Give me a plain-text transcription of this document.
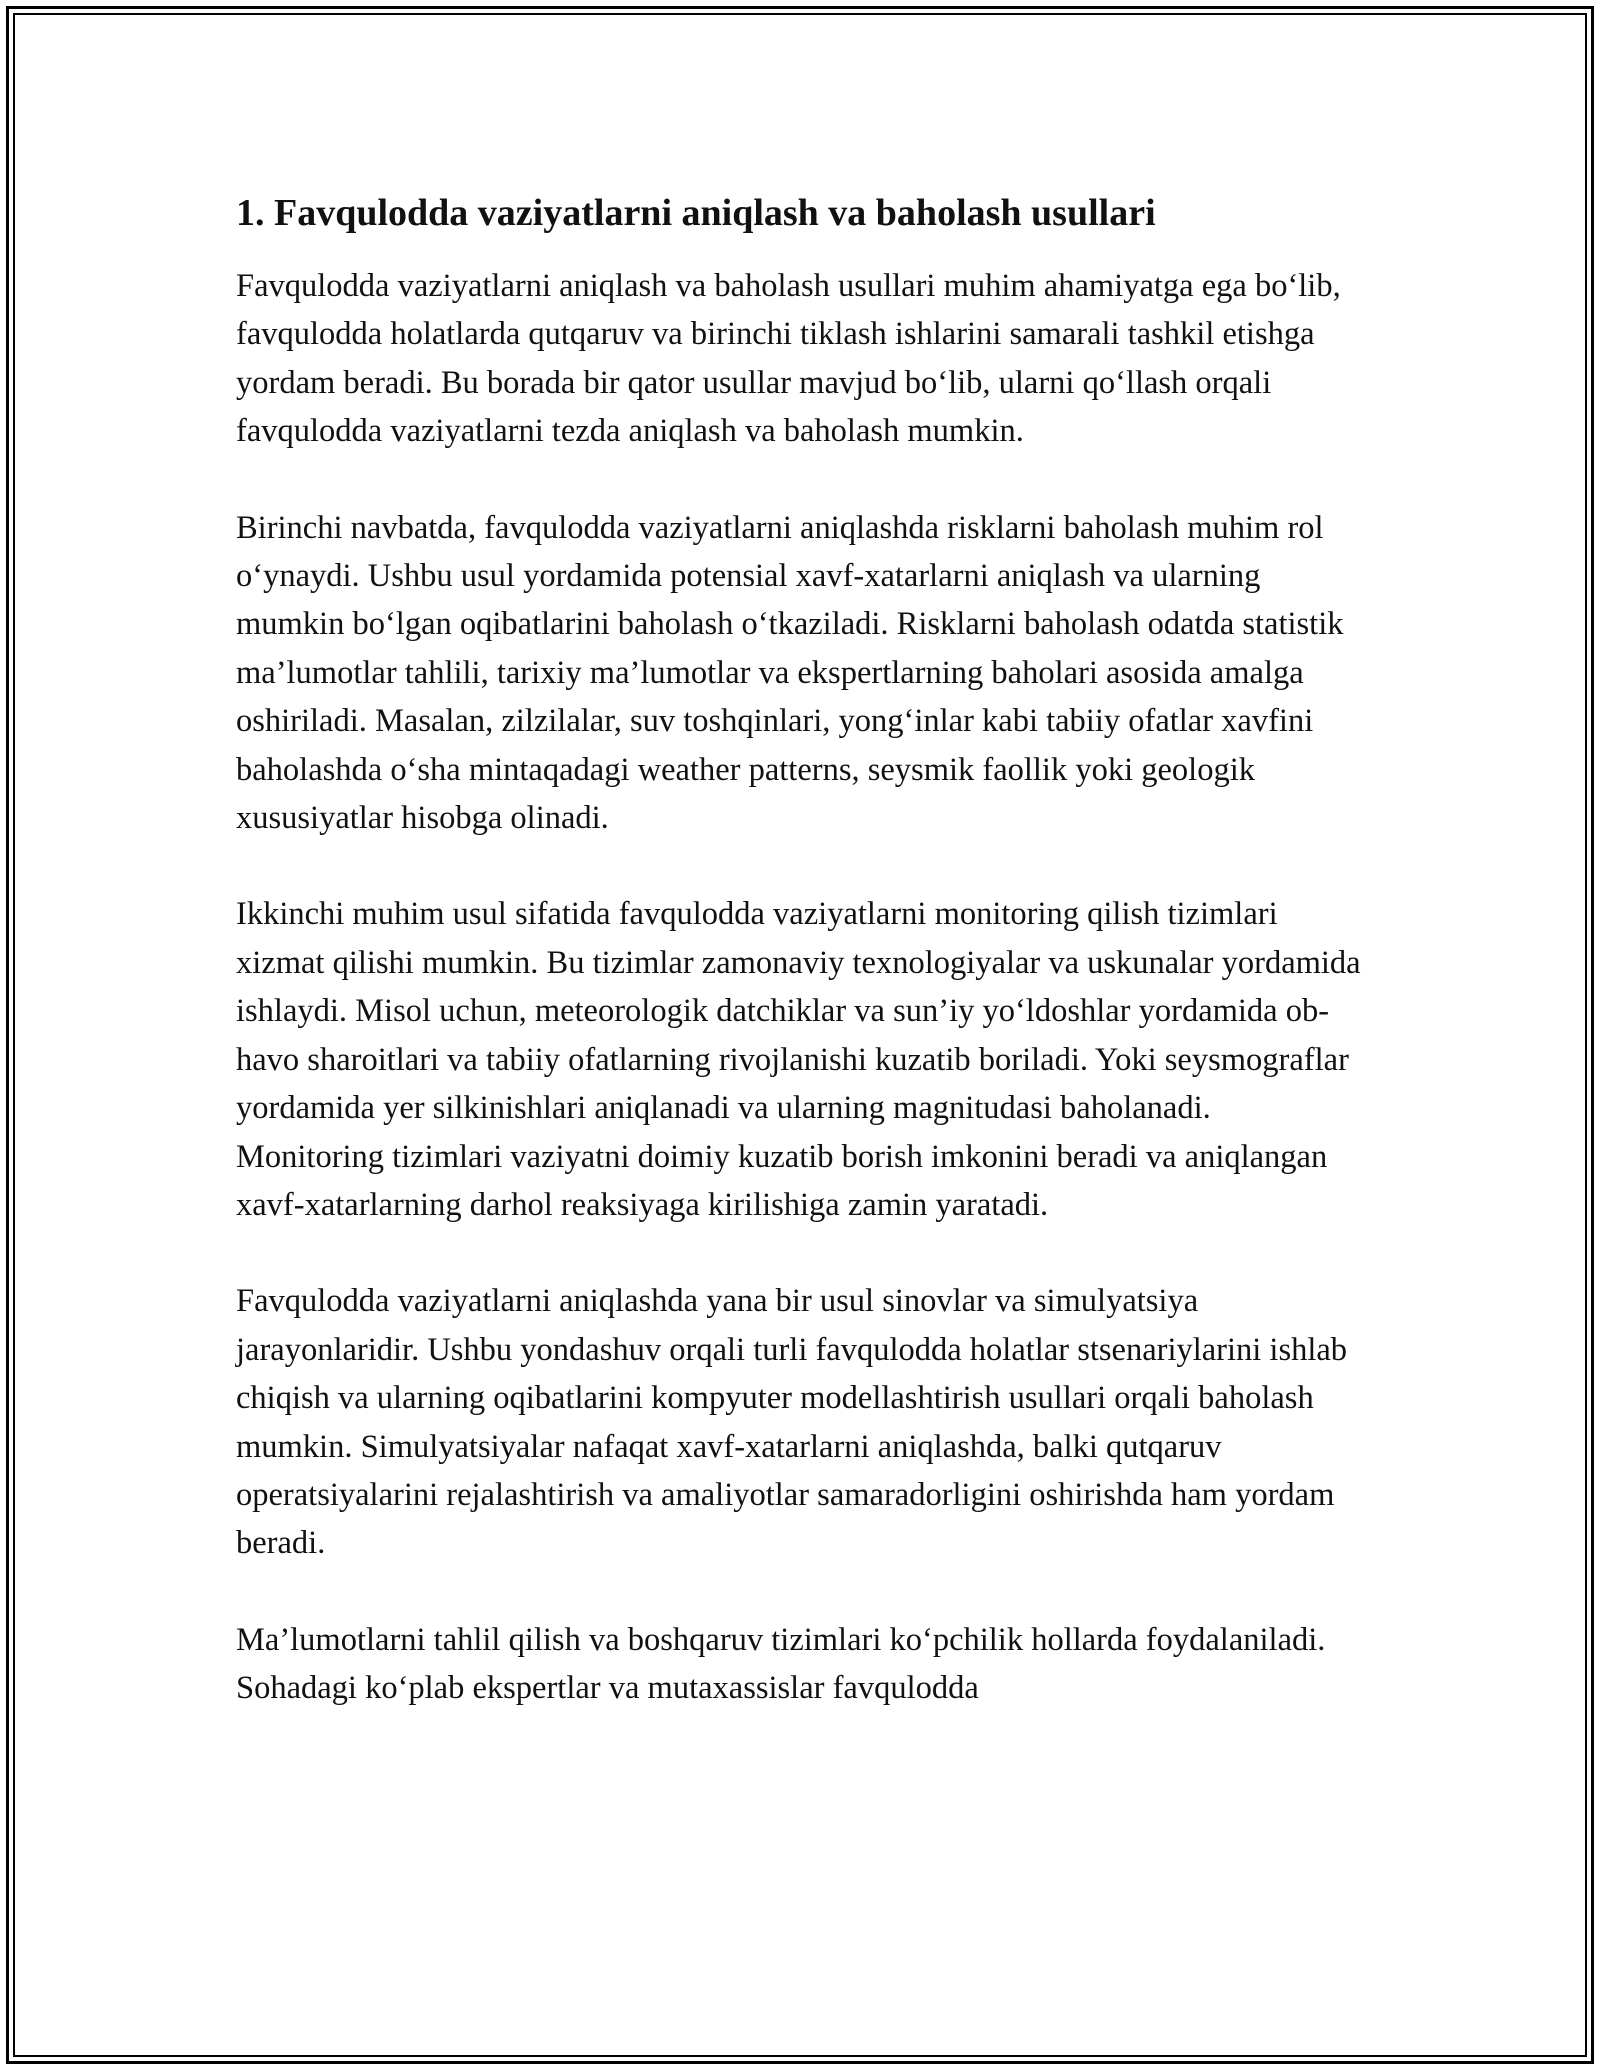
1. Favqulodda vaziyatlarni aniqlash va baholash usullari

Favqulodda vaziyatlarni aniqlash va baholash usullari muhim ahamiyatga ega bo‘lib, favqulodda holatlarda qutqaruv va birinchi tiklash ishlarini samarali tashkil etishga yordam beradi. Bu borada bir qator usullar mavjud bo‘lib, ularni qo‘llash orqali favqulodda vaziyatlarni tezda aniqlash va baholash mumkin.

Birinchi navbatda, favqulodda vaziyatlarni aniqlashda risklarni baholash muhim rol o‘ynaydi. Ushbu usul yordamida potensial xavf-xatarlarni aniqlash va ularning mumkin bo‘lgan oqibatlarini baholash o‘tkaziladi. Risklarni baholash odatda statistik ma’lumotlar tahlili, tarixiy ma’lumotlar va ekspertlarning baholari asosida amalga oshiriladi. Masalan, zilzilalar, suv toshqinlari, yong‘inlar kabi tabiiy ofatlar xavfini baholashda o‘sha mintaqadagi weather patterns, seysmik faollik yoki geologik xususiyatlar hisobga olinadi.

Ikkinchi muhim usul sifatida favqulodda vaziyatlarni monitoring qilish tizimlari xizmat qilishi mumkin. Bu tizimlar zamonaviy texnologiyalar va uskunalar yordamida ishlaydi. Misol uchun, meteorologik datchiklar va sun’iy yo‘ldoshlar yordamida ob-havo sharoitlari va tabiiy ofatlarning rivojlanishi kuzatib boriladi. Yoki seysmograflar yordamida yer silkinishlari aniqlanadi va ularning magnitudasi baholanadi. Monitoring tizimlari vaziyatni doimiy kuzatib borish imkonini beradi va aniqlangan xavf-xatarlarning darhol reaksiyaga kirilishiga zamin yaratadi.

Favqulodda vaziyatlarni aniqlashda yana bir usul sinovlar va simulyatsiya jarayonlaridir. Ushbu yondashuv orqali turli favqulodda holatlar stsenariylarini ishlab chiqish va ularning oqibatlarini kompyuter modellashtirish usullari orqali baholash mumkin. Simulyatsiyalar nafaqat xavf-xatarlarni aniqlashda, balki qutqaruv operatsiyalarini rejalashtirish va amaliyotlar samaradorligini oshirishda ham yordam beradi.

Ma’lumotlarni tahlil qilish va boshqaruv tizimlari ko‘pchilik hollarda foydalaniladi. Sohadagi ko‘plab ekspertlar va mutaxassislar favqulodda
